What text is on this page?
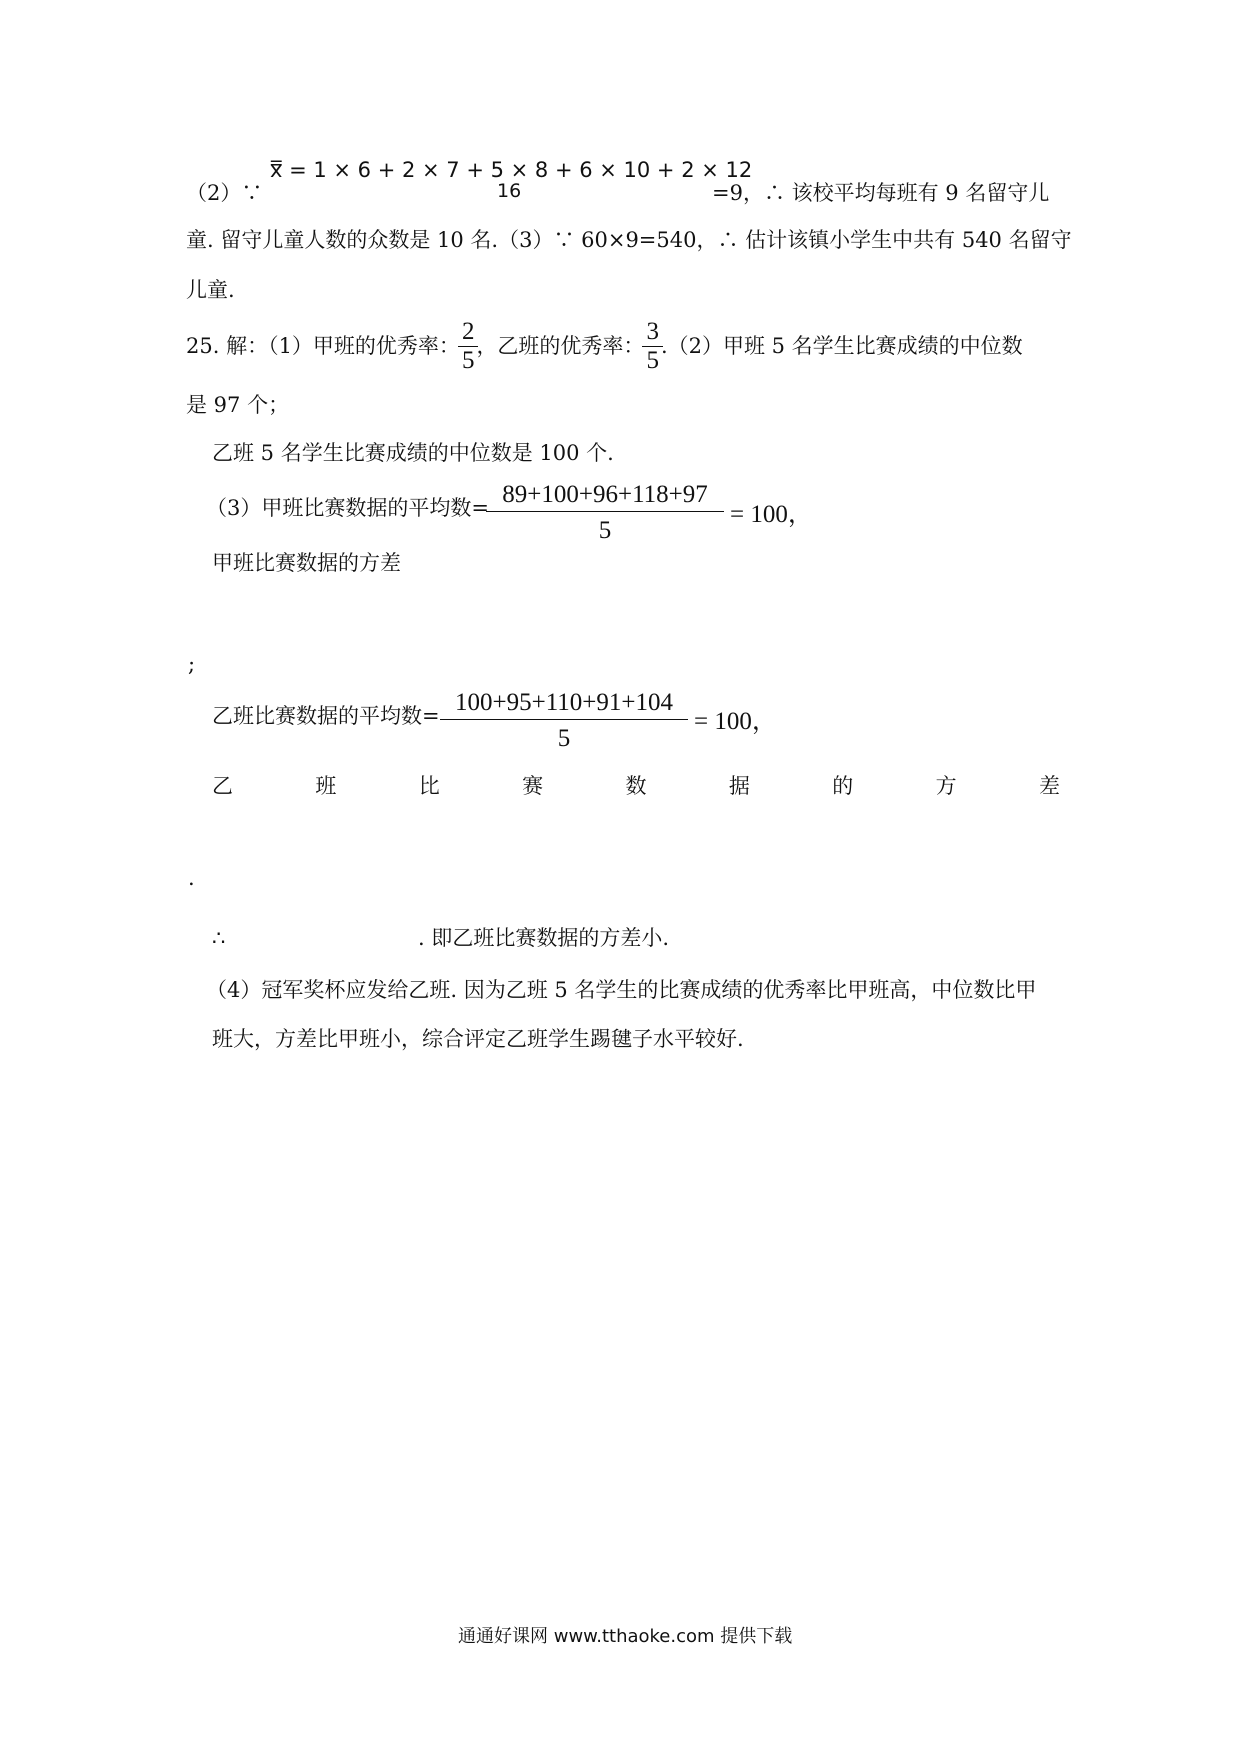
（2）∵
x̿ = 1 × 6 + 2 × 7 + 5 × 8 + 6 × 10 + 2 × 12
16	=9，∴ 该校平均每班有 9 名留守儿
童. 留守儿童人数的众数是 10 名.（3）∵ 60×9=540，∴ 估计该镇小学生中共有 540 名留守
儿童.
25. 解：（1）甲班的优秀率： $\frac{2}{5}$ ，乙班的优秀率： $\frac{3}{5} .(2)$甲班 5 名学生比赛成绩的中位数
是 97 个；
乙班 5 名学生比赛成绩的中位数是 100 个.
（3）甲班比赛数据的平均数=
$\frac{89+100+96+118+97}{5} = 100$，
甲班比赛数据的方差
;
乙班比赛数据的平均数= $\frac{100+95+110+91+104}{5} = 100$，
乙	班	比	赛	数	据	的	方	差
.
∴	. 即乙班比赛数据的方差小.
（4）冠军奖杯应发给乙班. 因为乙班 5 名学生的比赛成绩的优秀率比甲班高，中位数比甲
班大，方差比甲班小，综合评定乙班学生踢毽子水平较好.
通通好课网 www.tthaoke.com 提供下载
